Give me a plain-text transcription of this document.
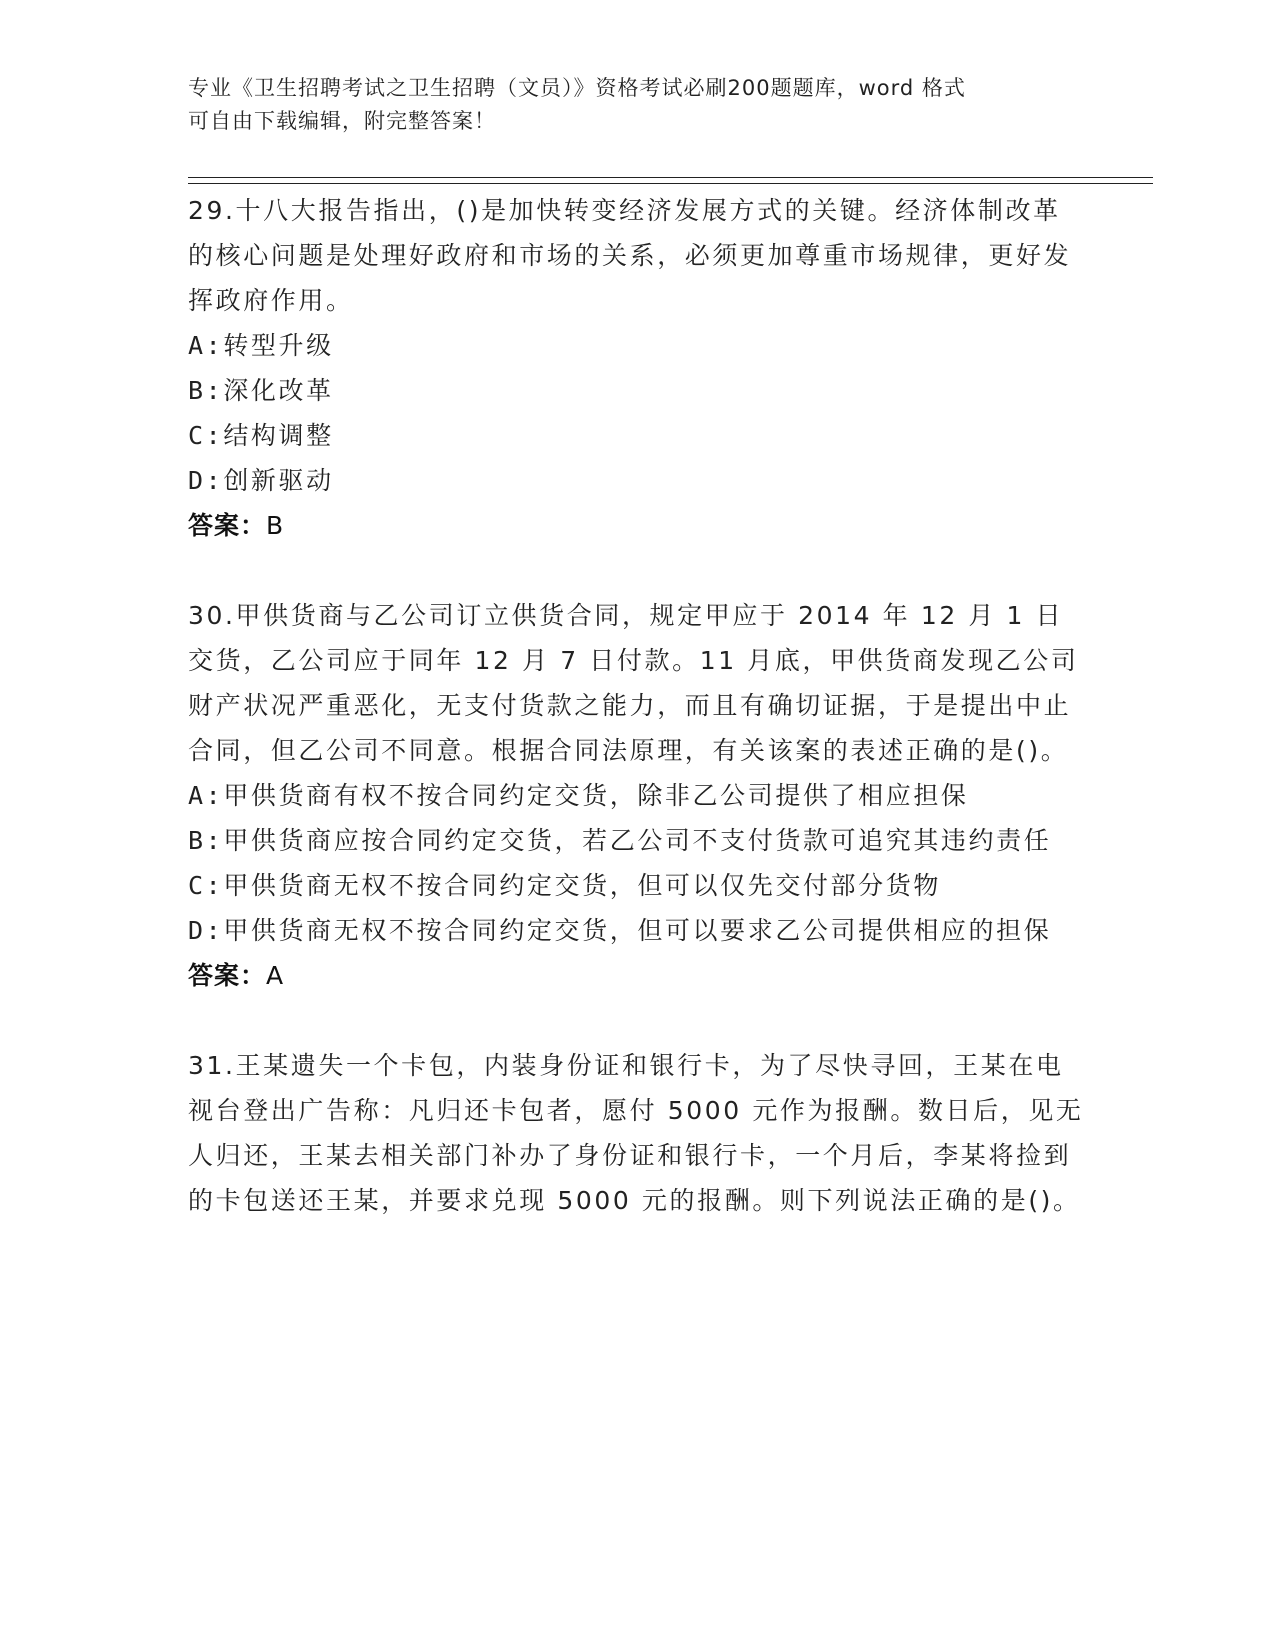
专业《卫生招聘考试之卫生招聘（文员）》资格考试必刷200题题库，word 格式
可自由下载编辑，附完整答案！
29.十八大报告指出，()是加快转变经济发展方式的关键。经济体制改革的核心问题是处理好政府和市场的关系，必须更加尊重市场规律，更好发挥政府作用。
A: 转型升级
B: 深化改革
C: 结构调整
D: 创新驱动
答案：B
30.甲供货商与乙公司订立供货合同，规定甲应于 2014 年 12 月 1 日交货，乙公司应于同年 12 月 7 日付款。11 月底，甲供货商发现乙公司财产状况严重恶化，无支付货款之能力，而且有确切证据，于是提出中止合同，但乙公司不同意。根据合同法原理，有关该案的表述正确的是()。
A: 甲供货商有权不按合同约定交货，除非乙公司提供了相应担保
B: 甲供货商应按合同约定交货，若乙公司不支付货款可追究其违约责任
C: 甲供货商无权不按合同约定交货，但可以仅先交付部分货物
D: 甲供货商无权不按合同约定交货，但可以要求乙公司提供相应的担保
答案：A
31.王某遗失一个卡包，内装身份证和银行卡，为了尽快寻回，王某在电视台登出广告称：凡归还卡包者，愿付 5000 元作为报酬。数日后，见无人归还，王某去相关部门补办了身份证和银行卡，一个月后，李某将捡到的卡包送还王某，并要求兑现 5000 元的报酬。则下列说法正确的是()。
